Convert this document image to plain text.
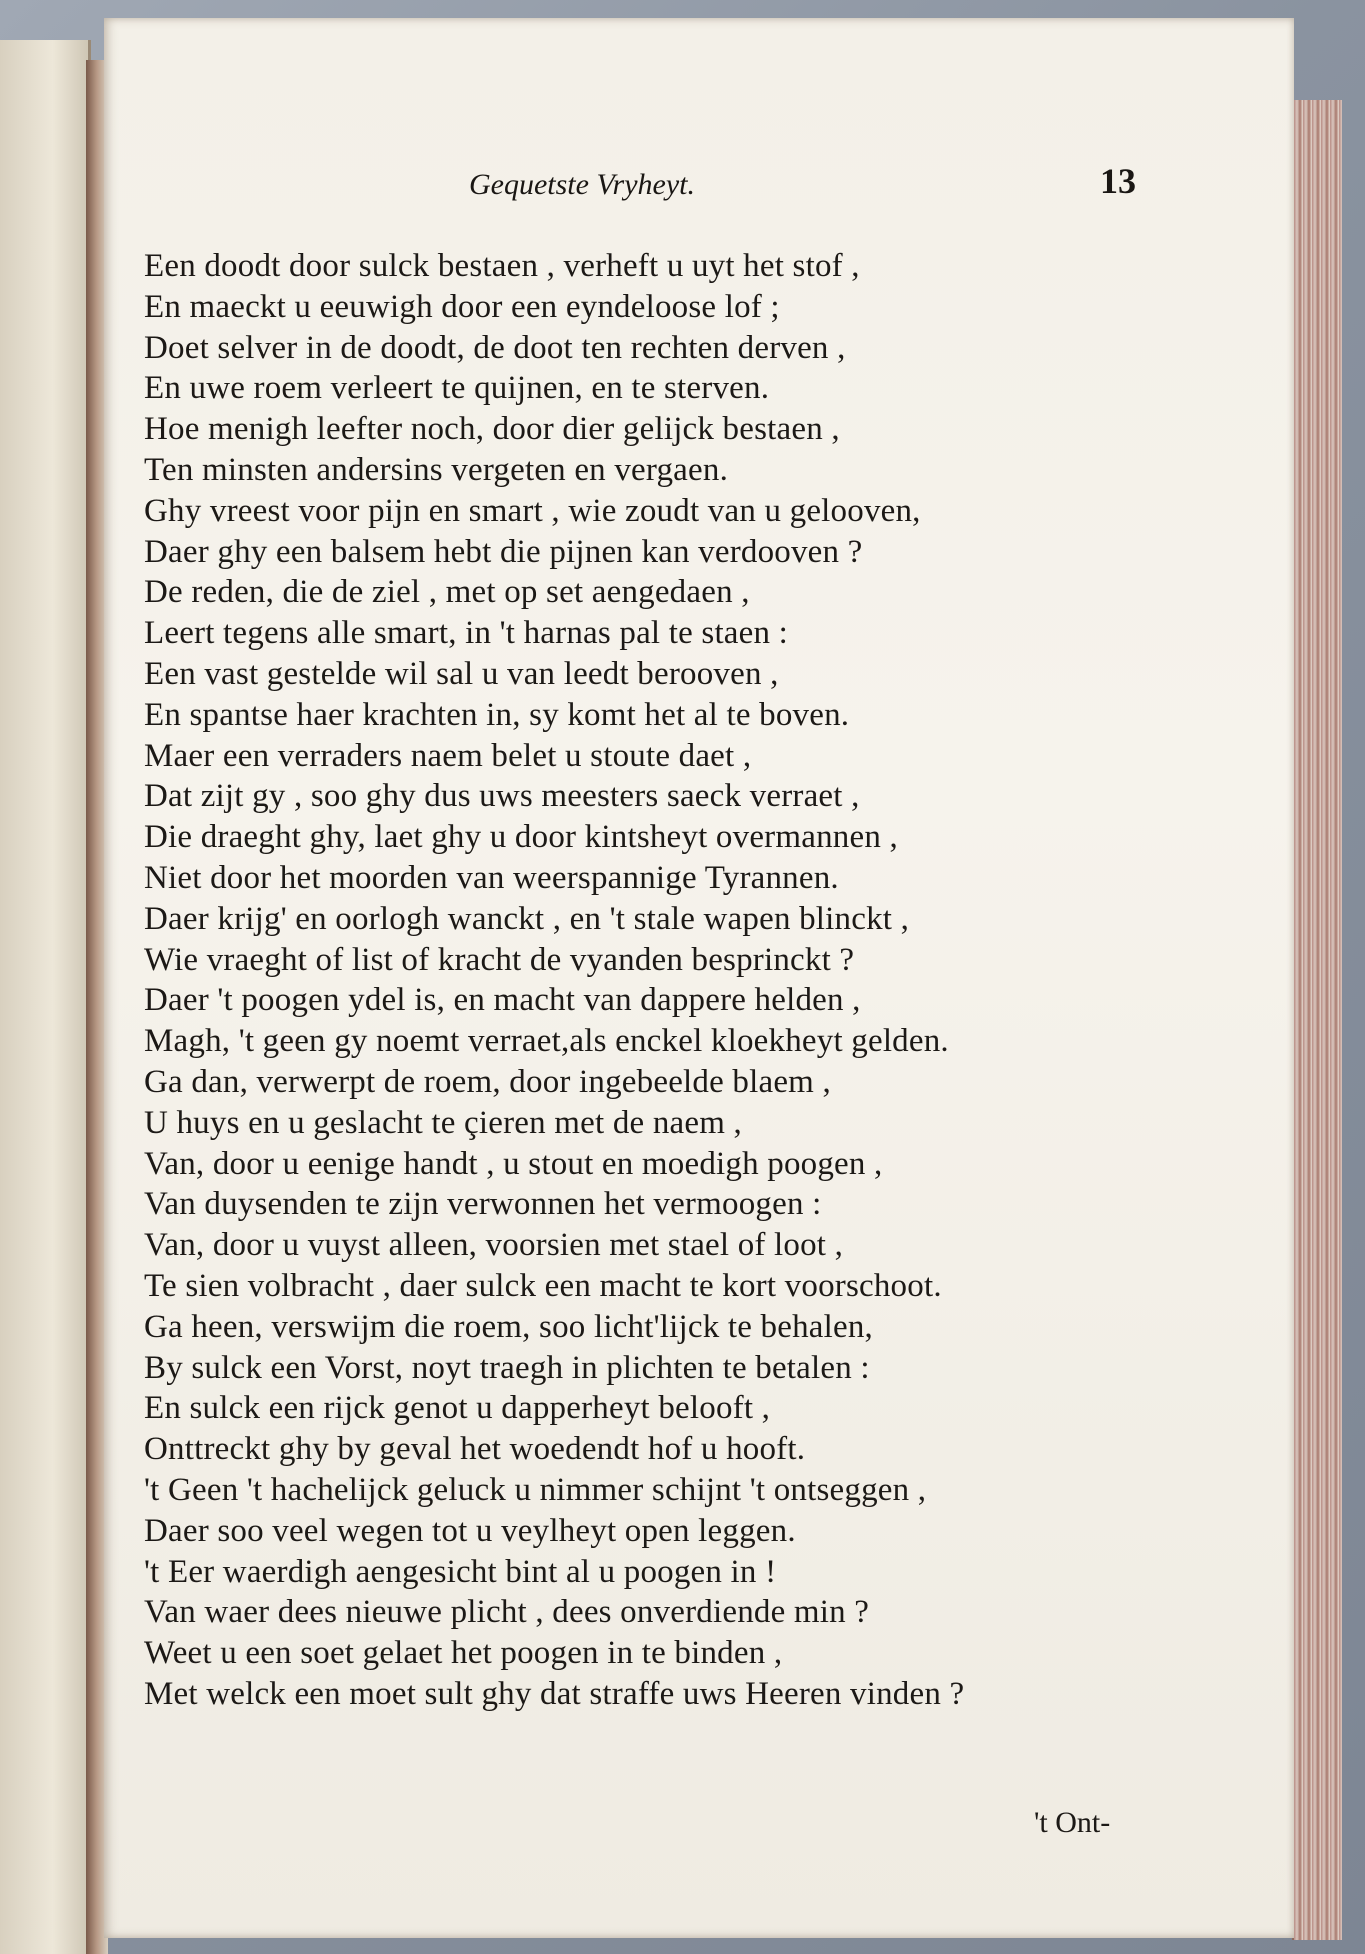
Gequetste Vryheyt.	13
Een doodt door sulck bestaen , verheft u uyt het stof ,
En maeckt u eeuwigh door een eyndeloose lof ;
Doet selver in de doodt, de doot ten rechten derven ,
En uwe roem verleert te quijnen, en te sterven.
Hoe menigh leefter noch, door dier gelijck bestaen ,
Ten minsten andersins vergeten en vergaen.
Ghy vreest voor pijn en smart , wie zoudt van u gelooven,
Daer ghy een balsem hebt die pijnen kan verdooven ?
De reden, die de ziel , met op set aengedaen ,
Leert tegens alle smart, in 't harnas pal te staen :
Een vast gestelde wil sal u van leedt berooven ,
En spantse haer krachten in, sy komt het al te boven.
Maer een verraders naem belet u stoute daet ,
Dat zijt gy , soo ghy dus uws meesters saeck verraet ,
Die draeght ghy, laet ghy u door kintsheyt overmannen ,
Niet door het moorden van weerspannige Tyrannen.
Daer krijg' en oorlogh wanckt , en 't stale wapen blinckt ,
Wie vraeght of list of kracht de vyanden besprinckt ?
Daer 't poogen ydel is, en macht van dappere helden ,
Magh, 't geen gy noemt verraet,als enckel kloekheyt gelden.
Ga dan, verwerpt de roem, door ingebeelde blaem ,
U huys en u geslacht te çieren met de naem ,
Van, door u eenige handt , u stout en moedigh poogen ,
Van duysenden te zijn verwonnen het vermoogen :
Van, door u vuyst alleen, voorsien met stael of loot ,
Te sien volbracht , daer sulck een macht te kort voorschoot.
Ga heen, verswijm die roem, soo licht'lijck te behalen,
By sulck een Vorst, noyt traegh in plichten te betalen :
En sulck een rijck genot u dapperheyt belooft ,
Onttreckt ghy by geval het woedendt hof u hooft.
't Geen 't hachelijck geluck u nimmer schijnt 't ontseggen ,
Daer soo veel wegen tot u veylheyt open leggen.
't Eer waerdigh aengesicht bint al u poogen in !
Van waer dees nieuwe plicht , dees onverdiende min ?
Weet u een soet gelaet het poogen in te binden ,
Met welck een moet sult ghy dat straffe uws Heeren vinden ?
't Ont-
